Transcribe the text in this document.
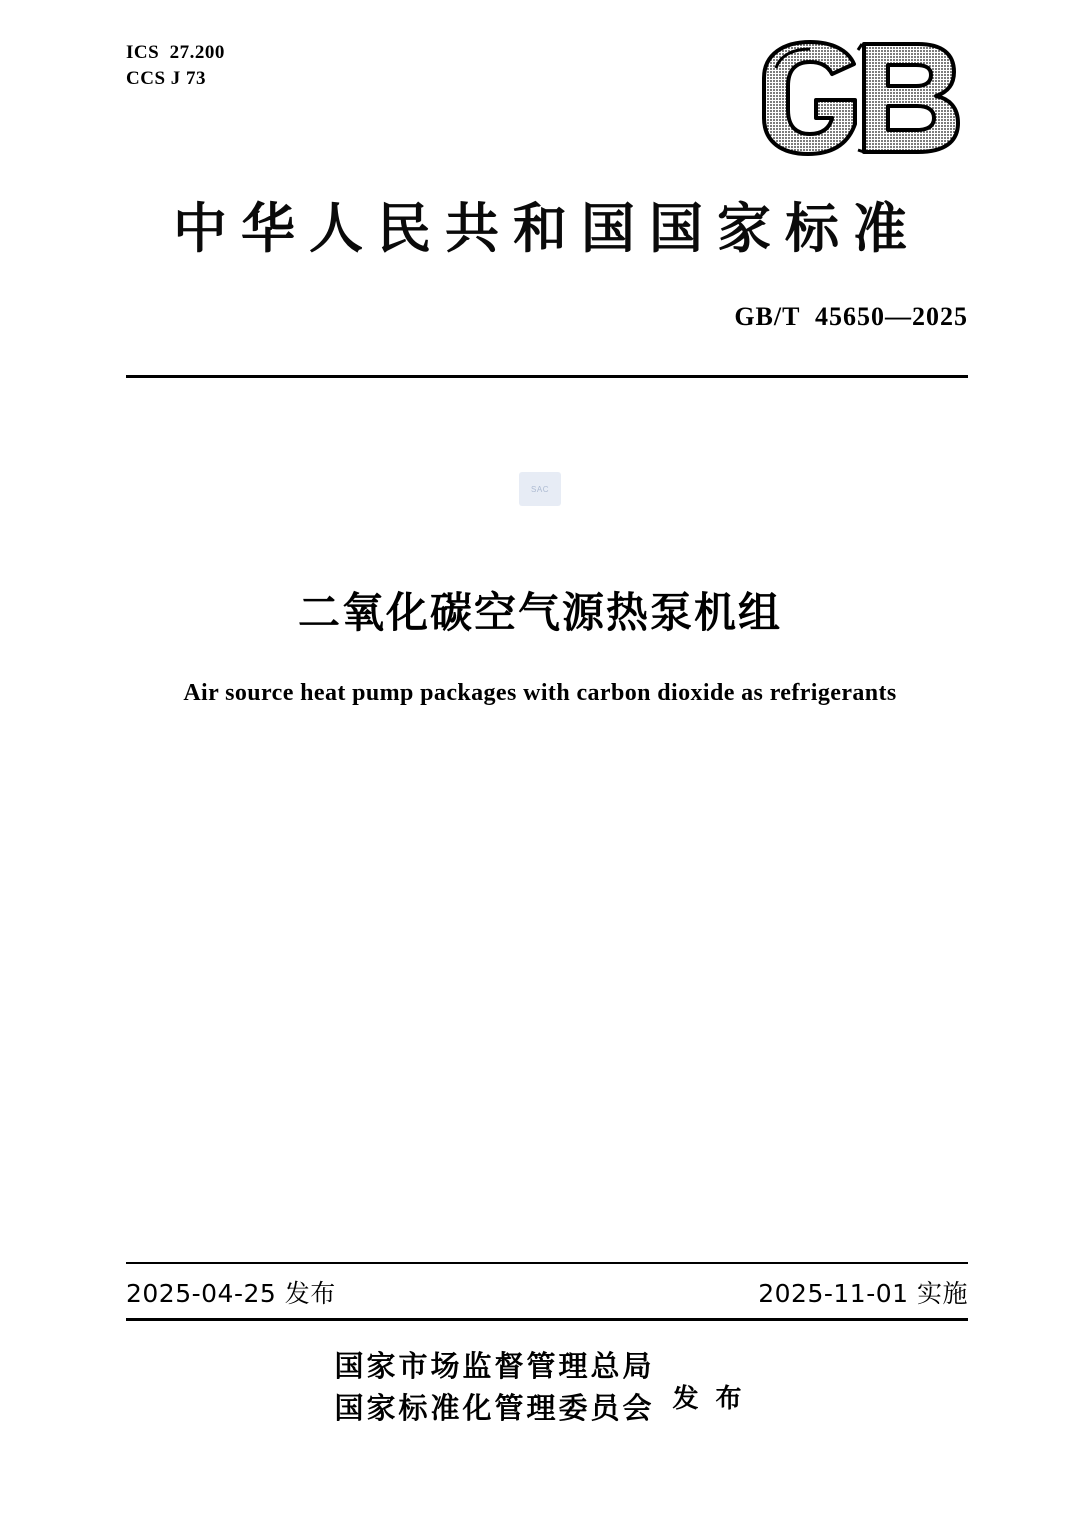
ICS  27.200
CCS J 73
中华人民共和国国家标准
GB/T  45650—2025
SAC
二氧化碳空气源热泵机组
Air source heat pump packages with carbon dioxide as refrigerants
2025-04-25 发布	2025-11-01 实施
国家市场监督管理总局
国家标准化管理委员会 发 布
